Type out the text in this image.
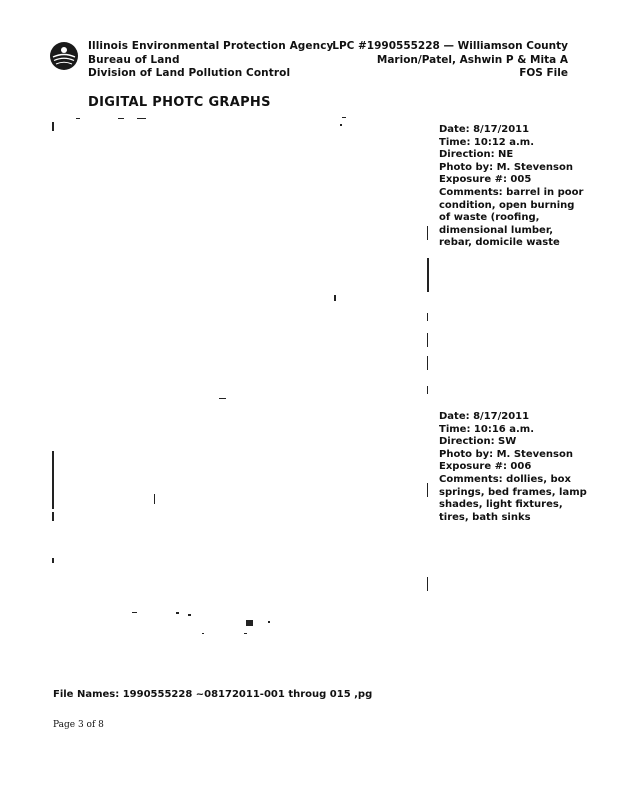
Illinois Environmental Protection Agency
Bureau of Land
Division of Land Pollution Control
LPC #1990555228 — Williamson County
Marion/Patel, Ashwin P & Mita A
FOS File
DIGITAL PHOTC GRAPHS
Date: 8/17/2011
Time: 10:12 a.m.
Direction: NE
Photo by: M. Stevenson
Exposure #: 005
Comments: barrel in poor condition, open burning of waste (roofing, dimensional lumber, rebar, domicile waste
Date: 8/17/2011
Time: 10:16 a.m.
Direction: SW
Photo by: M. Stevenson
Exposure #: 006
Comments: dollies, box springs, bed frames, lamp shades, light fixtures, tires, bath sinks
File Names: 1990555228 ~08172011-001 throug 015 ,pg
Page 3 of 8
